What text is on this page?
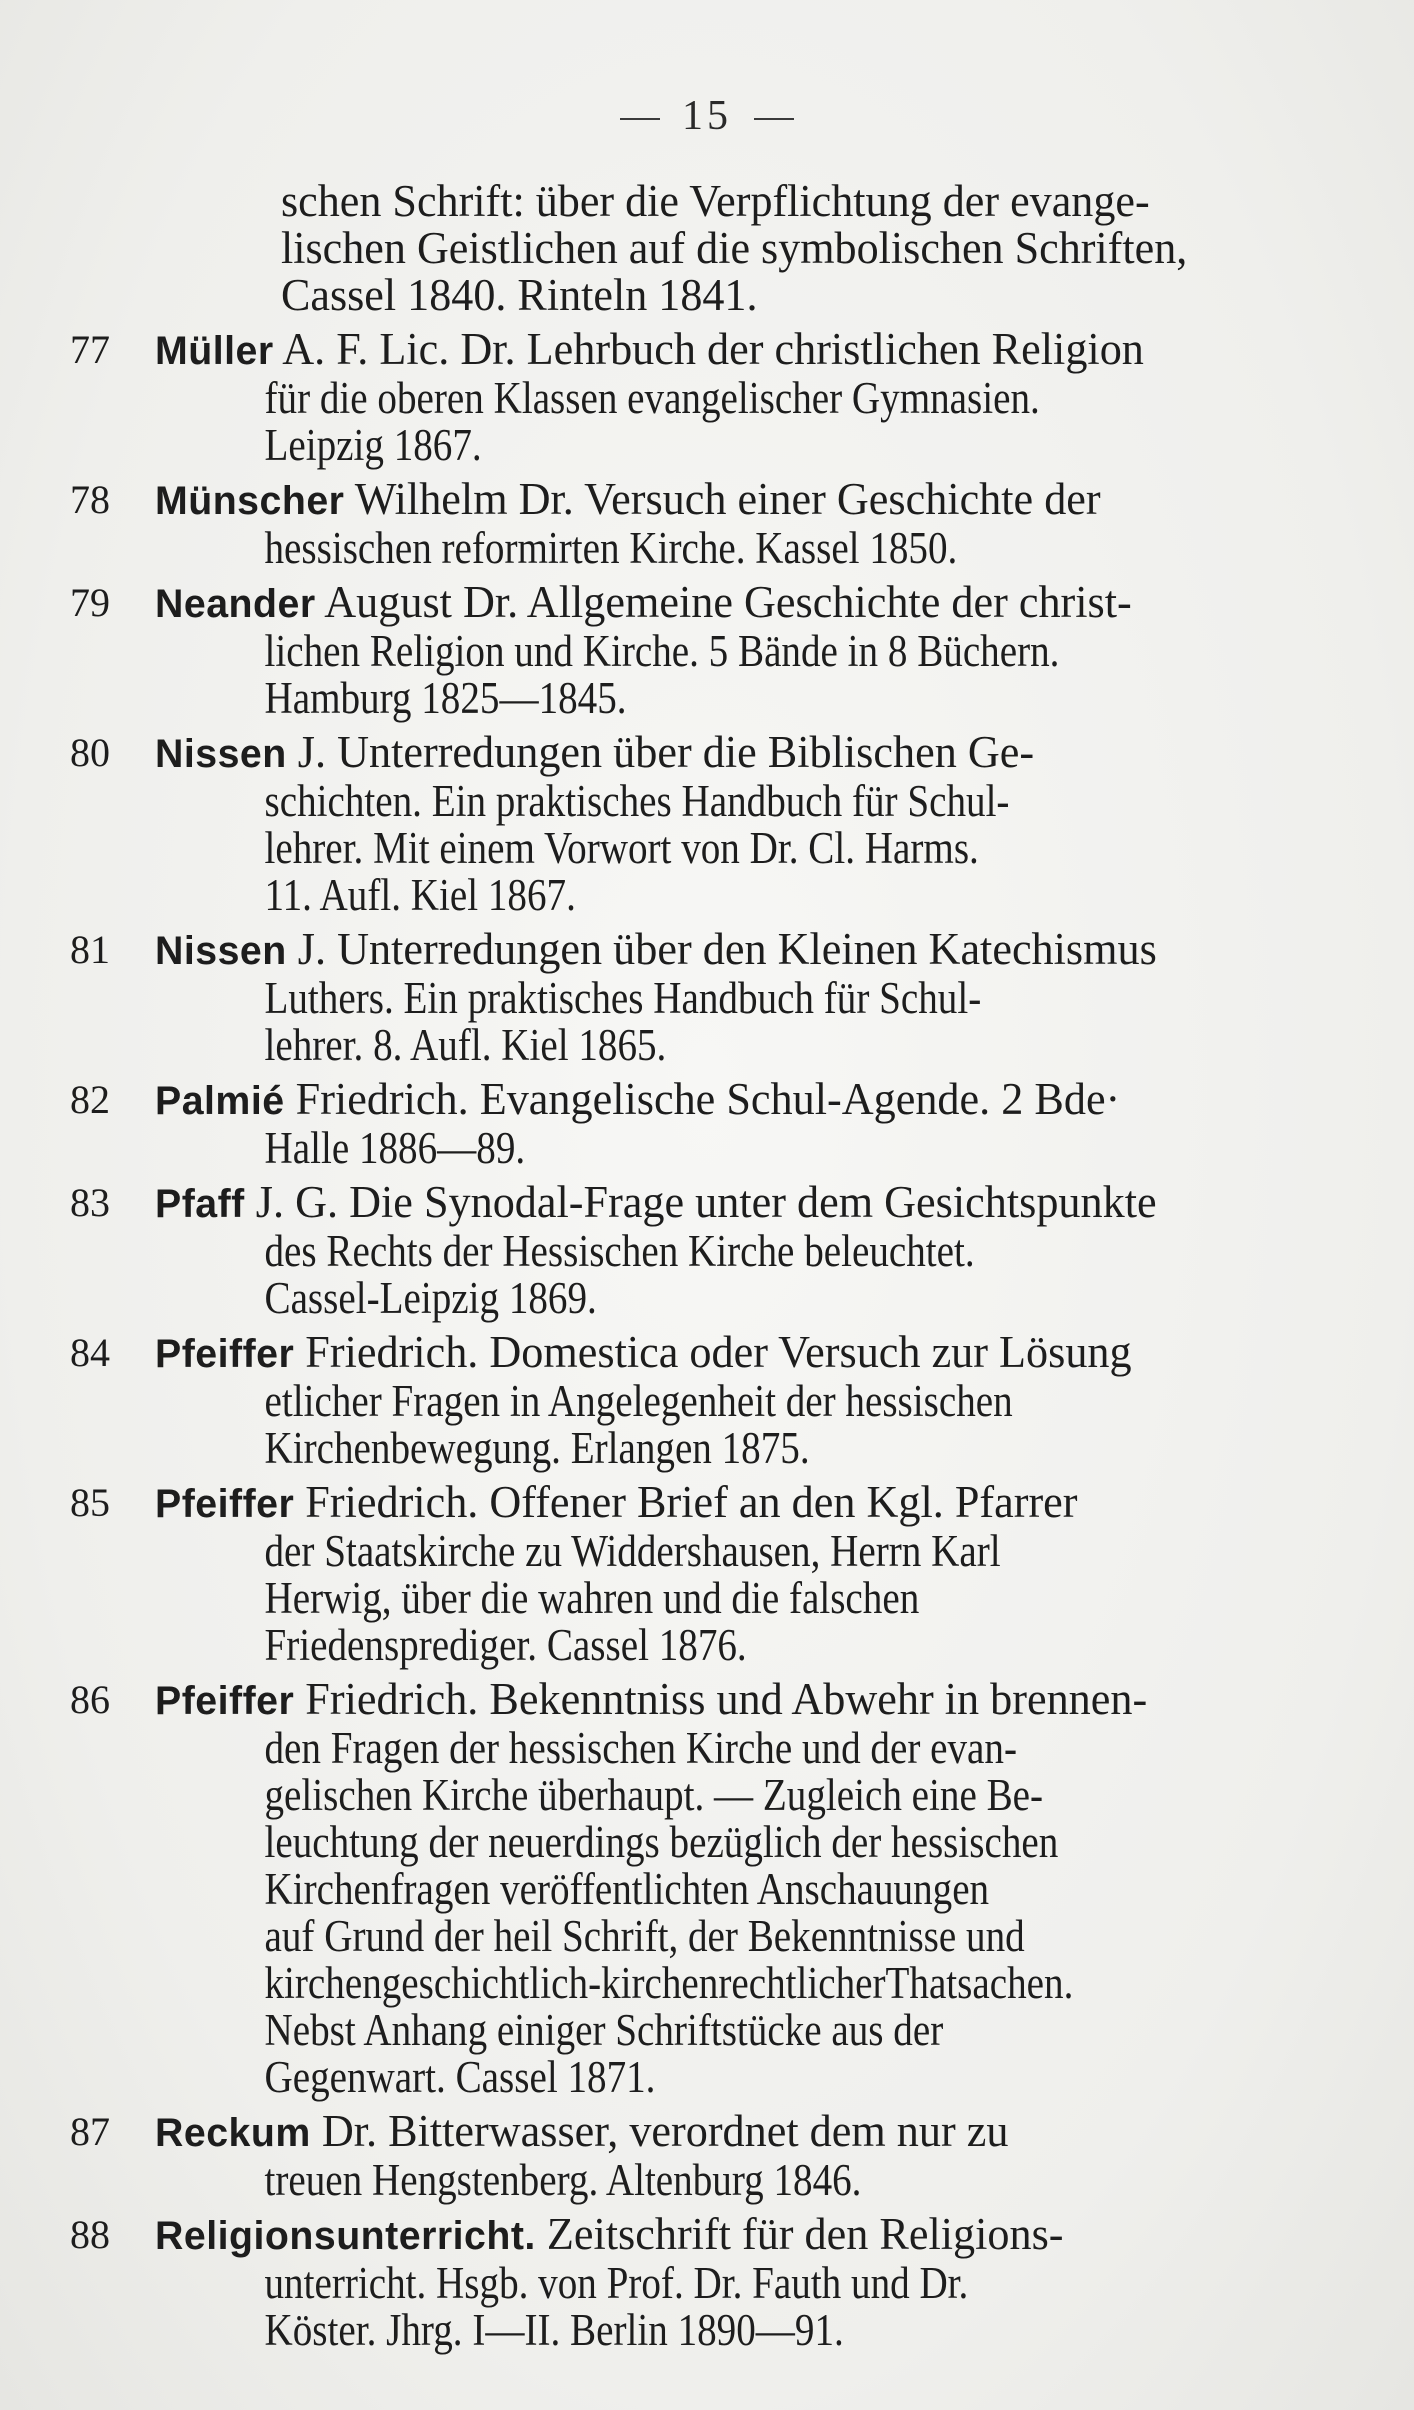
15
schen Schrift: über die Verpflichtung der evange-
lischen Geistlichen auf die symbolischen Schriften,
Cassel 1840. Rinteln 1841.
77	Müller A. F. Lic. Dr. Lehrbuch der christlichen Religion
für die oberen Klassen evangelischer Gymnasien.
Leipzig 1867.
78	Münscher Wilhelm Dr. Versuch einer Geschichte der
hessischen reformirten Kirche. Kassel 1850.
79	Neander August Dr. Allgemeine Geschichte der christ-
lichen Religion und Kirche. 5 Bände in 8 Büchern.
Hamburg 1825—1845.
80	Nissen J. Unterredungen über die Biblischen Ge-
schichten. Ein praktisches Handbuch für Schul-
lehrer. Mit einem Vorwort von Dr. Cl. Harms.
11. Aufl. Kiel 1867.
81	Nissen J. Unterredungen über den Kleinen Katechismus
Luthers. Ein praktisches Handbuch für Schul-
lehrer. 8. Aufl. Kiel 1865.
82	Palmié Friedrich. Evangelische Schul-Agende. 2 Bde·
Halle 1886—89.
83	Pfaff J. G. Die Synodal-Frage unter dem Gesichtspunkte
des Rechts der Hessischen Kirche beleuchtet.
Cassel-Leipzig 1869.
84	Pfeiffer Friedrich. Domestica oder Versuch zur Lösung
etlicher Fragen in Angelegenheit der hessischen
Kirchenbewegung. Erlangen 1875.
85	Pfeiffer Friedrich. Offener Brief an den Kgl. Pfarrer
der Staatskirche zu Widdershausen, Herrn Karl
Herwig, über die wahren und die falschen
Friedensprediger. Cassel 1876.
86	Pfeiffer Friedrich. Bekenntniss und Abwehr in brennen-
den Fragen der hessischen Kirche und der evan-
gelischen Kirche überhaupt. — Zugleich eine Be-
leuchtung der neuerdings bezüglich der hessischen
Kirchenfragen veröffentlichten Anschauungen
auf Grund der heil Schrift, der Bekenntnisse und
kirchengeschichtlich-kirchenrechtlicherThatsachen.
Nebst Anhang einiger Schriftstücke aus der
Gegenwart. Cassel 1871.
87	Reckum Dr. Bitterwasser, verordnet dem nur zu
treuen Hengstenberg. Altenburg 1846.
88	Religionsunterricht. Zeitschrift für den Religions-
unterricht. Hsgb. von Prof. Dr. Fauth und Dr.
Köster. Jhrg. I—II. Berlin 1890—91.
